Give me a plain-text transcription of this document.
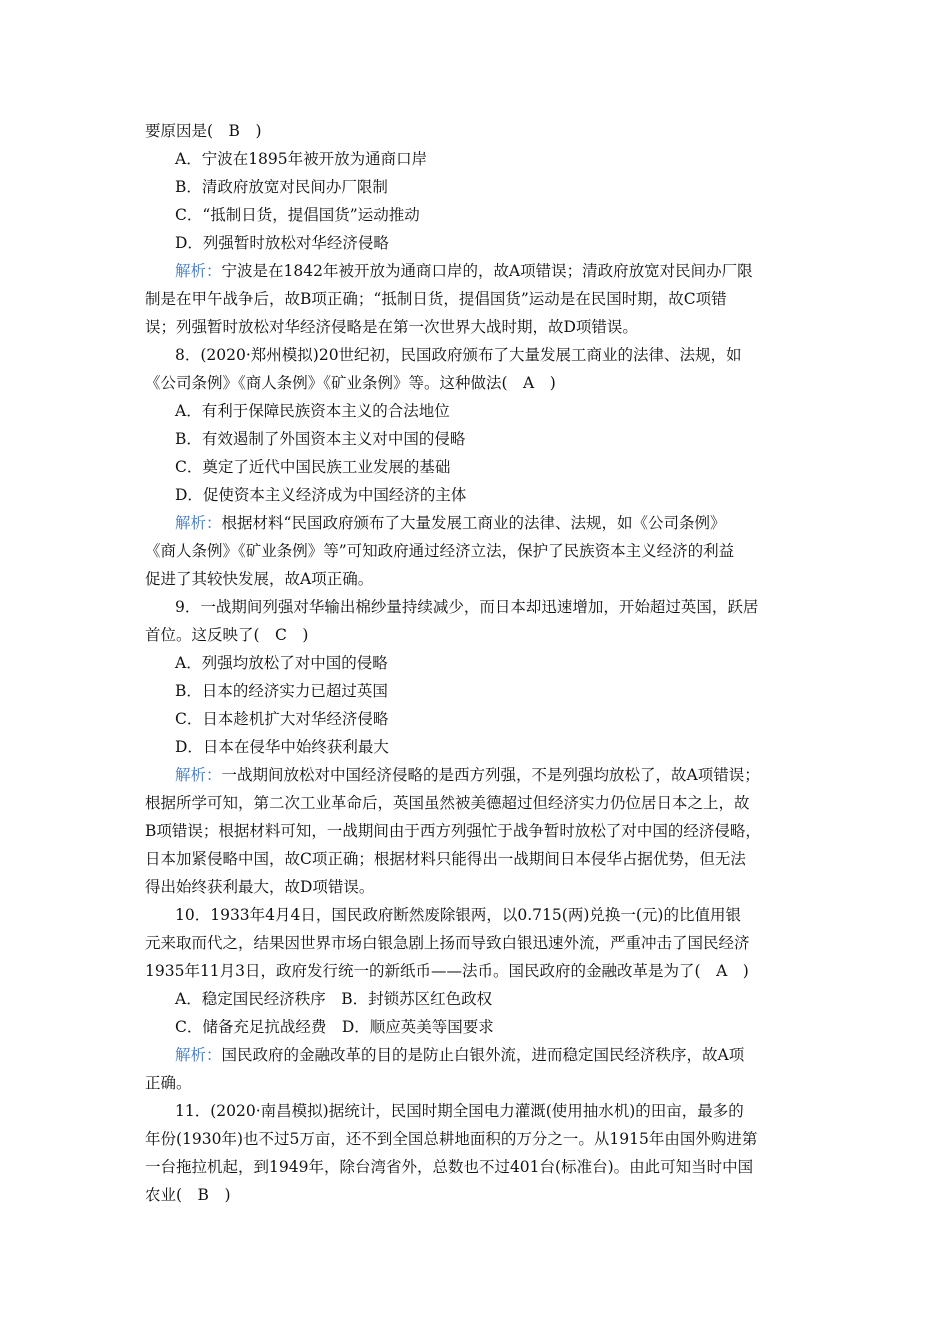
要原因是(　B　)
A．宁波在1895年被开放为通商口岸
B．清政府放宽对民间办厂限制
C．“抵制日货，提倡国货”运动推动
D．列强暂时放松对华经济侵略
解析：宁波是在1842年被开放为通商口岸的，故A项错误；清政府放宽对民间办厂限
制是在甲午战争后，故B项正确；“抵制日货，提倡国货”运动是在民国时期，故C项错
误；列强暂时放松对华经济侵略是在第一次世界大战时期，故D项错误。
8．(2020·郑州模拟)20世纪初，民国政府颁布了大量发展工商业的法律、法规，如
《公司条例》《商人条例》《矿业条例》等。这种做法(　A　)
A．有利于保障民族资本主义的合法地位
B．有效遏制了外国资本主义对中国的侵略
C．奠定了近代中国民族工业发展的基础
D．促使资本主义经济成为中国经济的主体
解析：根据材料“民国政府颁布了大量发展工商业的法律、法规，如《公司条例》
《商人条例》《矿业条例》等”可知政府通过经济立法，保护了民族资本主义经济的利益
促进了其较快发展，故A项正确。
9．一战期间列强对华输出棉纱量持续减少，而日本却迅速增加，开始超过英国，跃居
首位。这反映了(　C　)
A．列强均放松了对中国的侵略
B．日本的经济实力已超过英国
C．日本趁机扩大对华经济侵略
D．日本在侵华中始终获利最大
解析：一战期间放松对中国经济侵略的是西方列强，不是列强均放松了，故A项错误；
根据所学可知，第二次工业革命后，英国虽然被美德超过但经济实力仍位居日本之上，故
B项错误；根据材料可知，一战期间由于西方列强忙于战争暂时放松了对中国的经济侵略，
日本加紧侵略中国，故C项正确；根据材料只能得出一战期间日本侵华占据优势，但无法
得出始终获利最大，故D项错误。
10．1933年4月4日，国民政府断然废除银两，以0.715(两)兑换一(元)的比值用银
元来取而代之，结果因世界市场白银急剧上扬而导致白银迅速外流，严重冲击了国民经济
1935年11月3日，政府发行统一的新纸币——法币。国民政府的金融改革是为了(　A　)
A．稳定国民经济秩序　B．封锁苏区红色政权
C．储备充足抗战经费　D．顺应英美等国要求
解析：国民政府的金融改革的目的是防止白银外流，进而稳定国民经济秩序，故A项
正确。
11．(2020·南昌模拟)据统计，民国时期全国电力灌溉(使用抽水机)的田亩，最多的
年份(1930年)也不过5万亩，还不到全国总耕地面积的万分之一。从1915年由国外购进第
一台拖拉机起，到1949年，除台湾省外，总数也不过401台(标准台)。由此可知当时中国
农业(　B　)
